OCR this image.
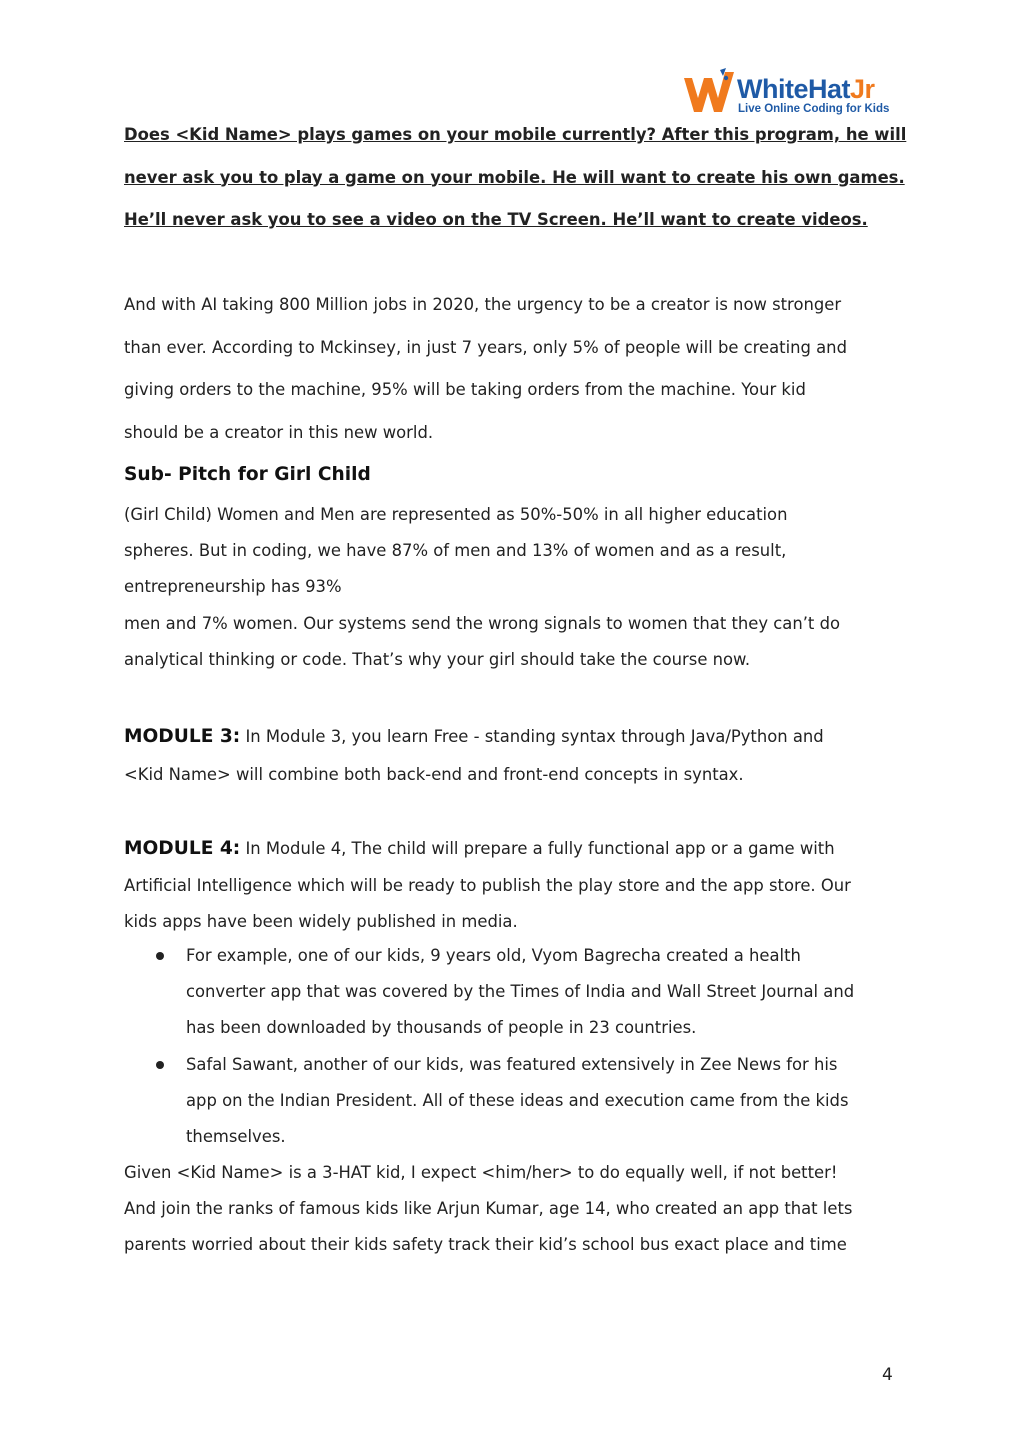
WhiteHatJr
Live Online Coding for Kids
Does <Kid Name> plays games on your mobile currently? After this program, he will
never ask you to play a game on your mobile. He will want to create his own games.
He’ll never ask you to see a video on the TV Screen. He’ll want to create videos.
And with AI taking 800 Million jobs in 2020, the urgency to be a creator is now stronger
than ever. According to Mckinsey, in just 7 years, only 5% of people will be creating and
giving orders to the machine, 95% will be taking orders from the machine. Your kid
should be a creator in this new world.
Sub- Pitch for Girl Child
(Girl Child) Women and Men are represented as 50%-50% in all higher education
spheres. But in coding, we have 87% of men and 13% of women and as a result,
entrepreneurship has 93%
men and 7% women. Our systems send the wrong signals to women that they can’t do
analytical thinking or code. That’s why your girl should take the course now.
MODULE 3: In Module 3, you learn Free - standing syntax through Java/Python and
<Kid Name> will combine both back-end and front-end concepts in syntax.
MODULE 4: In Module 4, The child will prepare a fully functional app or a game with
Artificial Intelligence which will be ready to publish the play store and the app store. Our
kids apps have been widely published in media.
For example, one of our kids, 9 years old, Vyom Bagrecha created a health
converter app that was covered by the Times of India and Wall Street Journal and
has been downloaded by thousands of people in 23 countries.
Safal Sawant, another of our kids, was featured extensively in Zee News for his
app on the Indian President. All of these ideas and execution came from the kids
themselves.
Given <Kid Name> is a 3-HAT kid, I expect <him/her> to do equally well, if not better!
And join the ranks of famous kids like Arjun Kumar, age 14, who created an app that lets
parents worried about their kids safety track their kid’s school bus exact place and time
4
